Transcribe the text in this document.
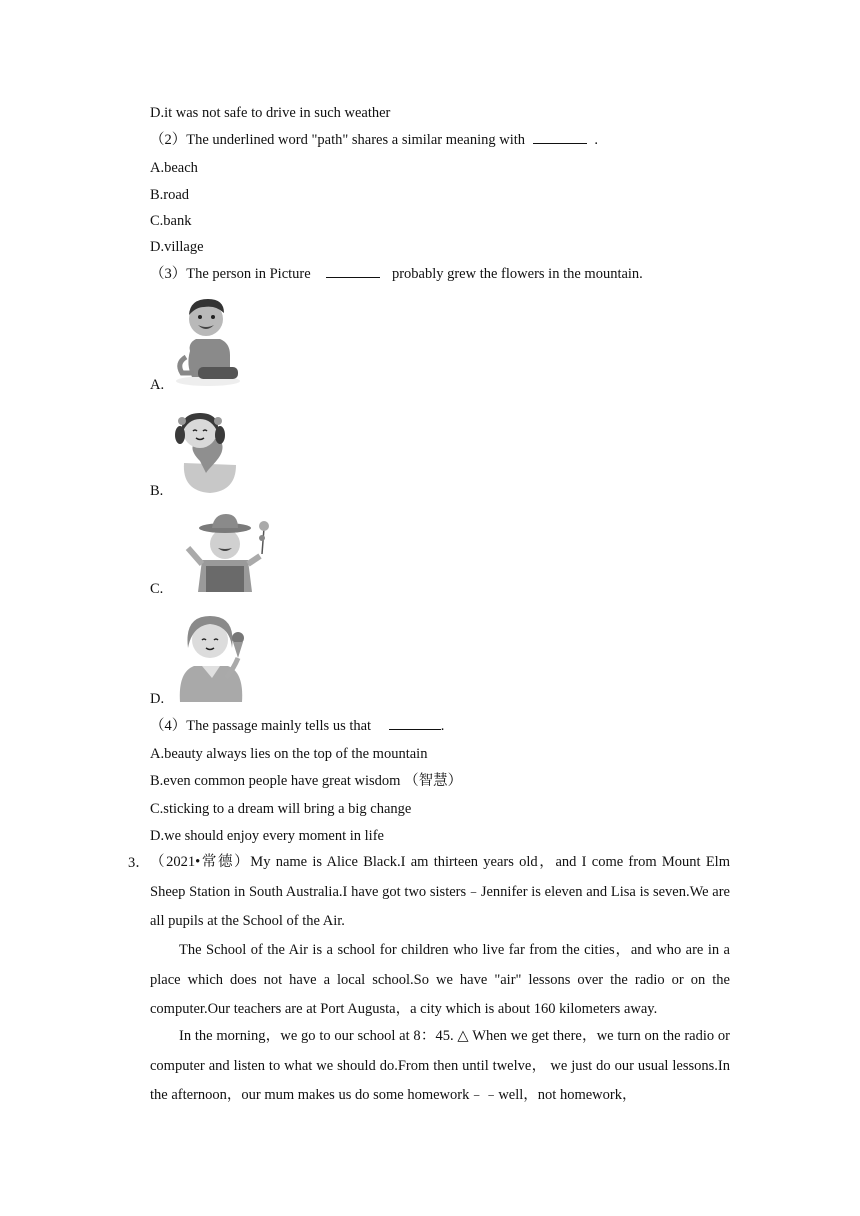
D.it was not safe to drive in such weather
（2）The underlined word "path" shares a similar meaning with	.
A.beach
B.road
C.bank
D.village
（3）The person in Picture	probably grew the flowers in the mountain.
A.
B.
C.
D.
（4）The passage mainly tells us that	.
A.beauty always lies on the top of the mountain
B.even common people have great wisdom （智慧）
C.sticking to a dream will bring a big change
D.we should enjoy every moment in life
3． （2021•常德）My name is Alice Black.I am thirteen years old，and I come from Mount Elm Sheep Station in South Australia.I have got two sisters﹣Jennifer is eleven and Lisa is seven.We are all pupils at the School of the Air.
The School of the Air is a school for children who live far from the cities，and who are in a place which does not have a local school.So we have "air" lessons over the radio or on the computer.Our teachers are at Port Augusta，a city which is about 160 kilometers away.
In the morning，we go to our school at 8：45. △ When we get there，we turn on the radio or computer and listen to what we should do.From then until twelve， we just do our usual lessons.In the afternoon，our mum makes us do some homework﹣﹣well，not homework，
